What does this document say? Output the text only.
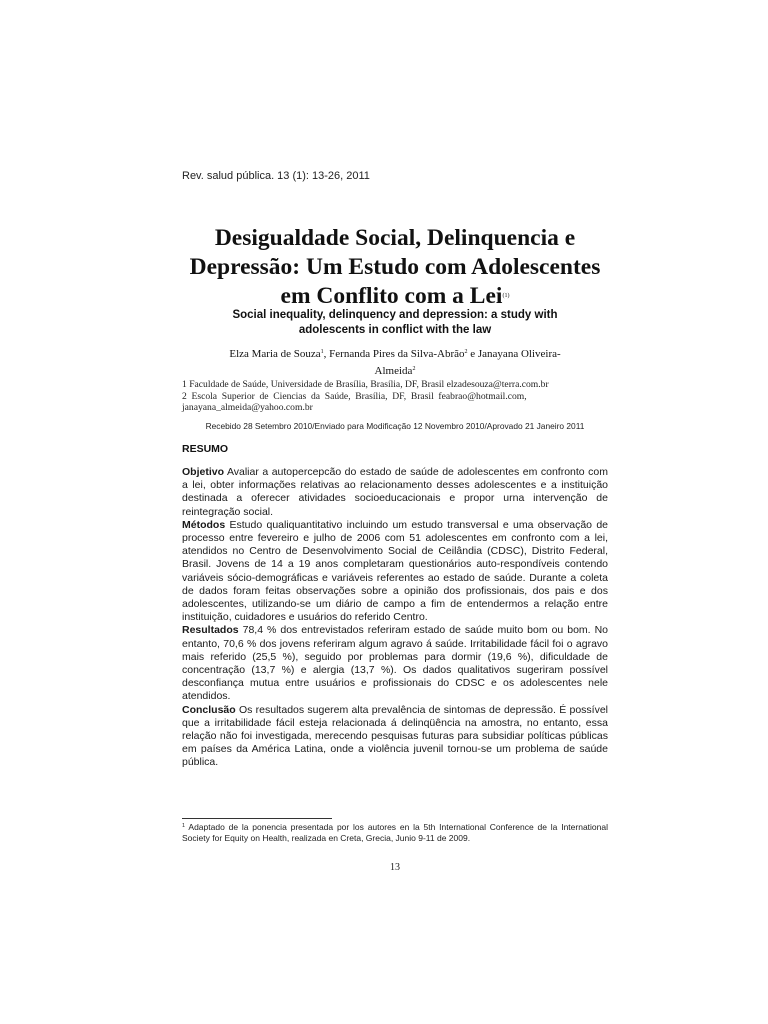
Rev. salud pública. 13 (1): 13-26, 2011
Desigualdade Social, Delinquencia e
Depressão: Um Estudo com Adolescentes
em Conflito com a Lei$^{(1)}$
Social inequality, delinquency and depression: a study with
adolescents in conflict with the law
Elza Maria de Souza$^1$, Fernanda Pires da Silva-Abrão$^2$ e Janayana Oliveira-
Almeida$^2$
1 Faculdade de Saúde, Universidade de Brasília, Brasília, DF, Brasil elzadesouza@terra.com.br
2 Escola Superior de Ciencias da Saúde, Brasília, DF, Brasil feabrao@hotmail.com,
janayana_almeida@yahoo.com.br
Recebido 28 Setembro 2010/Enviado para Modificação 12 Novembro 2010/Aprovado 21 Janeiro 2011
RESUMO

Objetivo Avaliar a autopercepcão do estado de saúde de adolescentes em confronto com a lei, obter informações relativas ao relacionamento desses adolescentes e a instituição destinada a oferecer atividades socioeducacionais e propor urna intervenção de reintegração social.

Métodos Estudo qualiquantitativo incluindo um estudo transversal e uma observação de processo entre fevereiro e julho de 2006 com 51 adolescentes em confronto com a lei, atendidos no Centro de Desenvolvimento Social de Ceilândia (CDSC), Distrito Federal, Brasil. Jovens de 14 a 19 anos completaram questionários auto-respondíveis contendo variáveis sócio-demográficas e variáveis referentes ao estado de saúde. Durante a coleta de dados foram feitas observações sobre a opinião dos profissionais, dos pais e dos adolescentes, utilizando-se um diário de campo a fim de entendermos a relação entre instituição, cuidadores e usuários do referido Centro.

Resultados 78,4 % dos entrevistados referiram estado de saúde muito bom ou bom. No entanto, 70,6 % dos jovens referiram algum agravo á saúde. Irritabilidade fácil foi o agravo mais referido (25,5 %), seguido por problemas para dormir (19,6 %), dificuldade de concentração (13,7 %) e alergia (13,7 %). Os dados qualitativos sugeriram possível desconfiança mutua entre usuários e profissionais do CDSC e os adolescentes nele atendidos.

Conclusão Os resultados sugerem alta prevalência de sintomas de depressão. É possível que a irritabilidade fácil esteja relacionada á delinqüência na amostra, no entanto, essa relação não foi investigada, merecendo pesquisas futuras para subsidiar políticas públicas em países da América Latina, onde a violência juvenil tornou-se um problema de saúde pública.

$^1$ Adaptado de la ponencia presentada por los autores en la 5th International Conference de la International Society for Equity on Health, realizada en Creta, Grecia, Junio 9-11 de 2009.
13
